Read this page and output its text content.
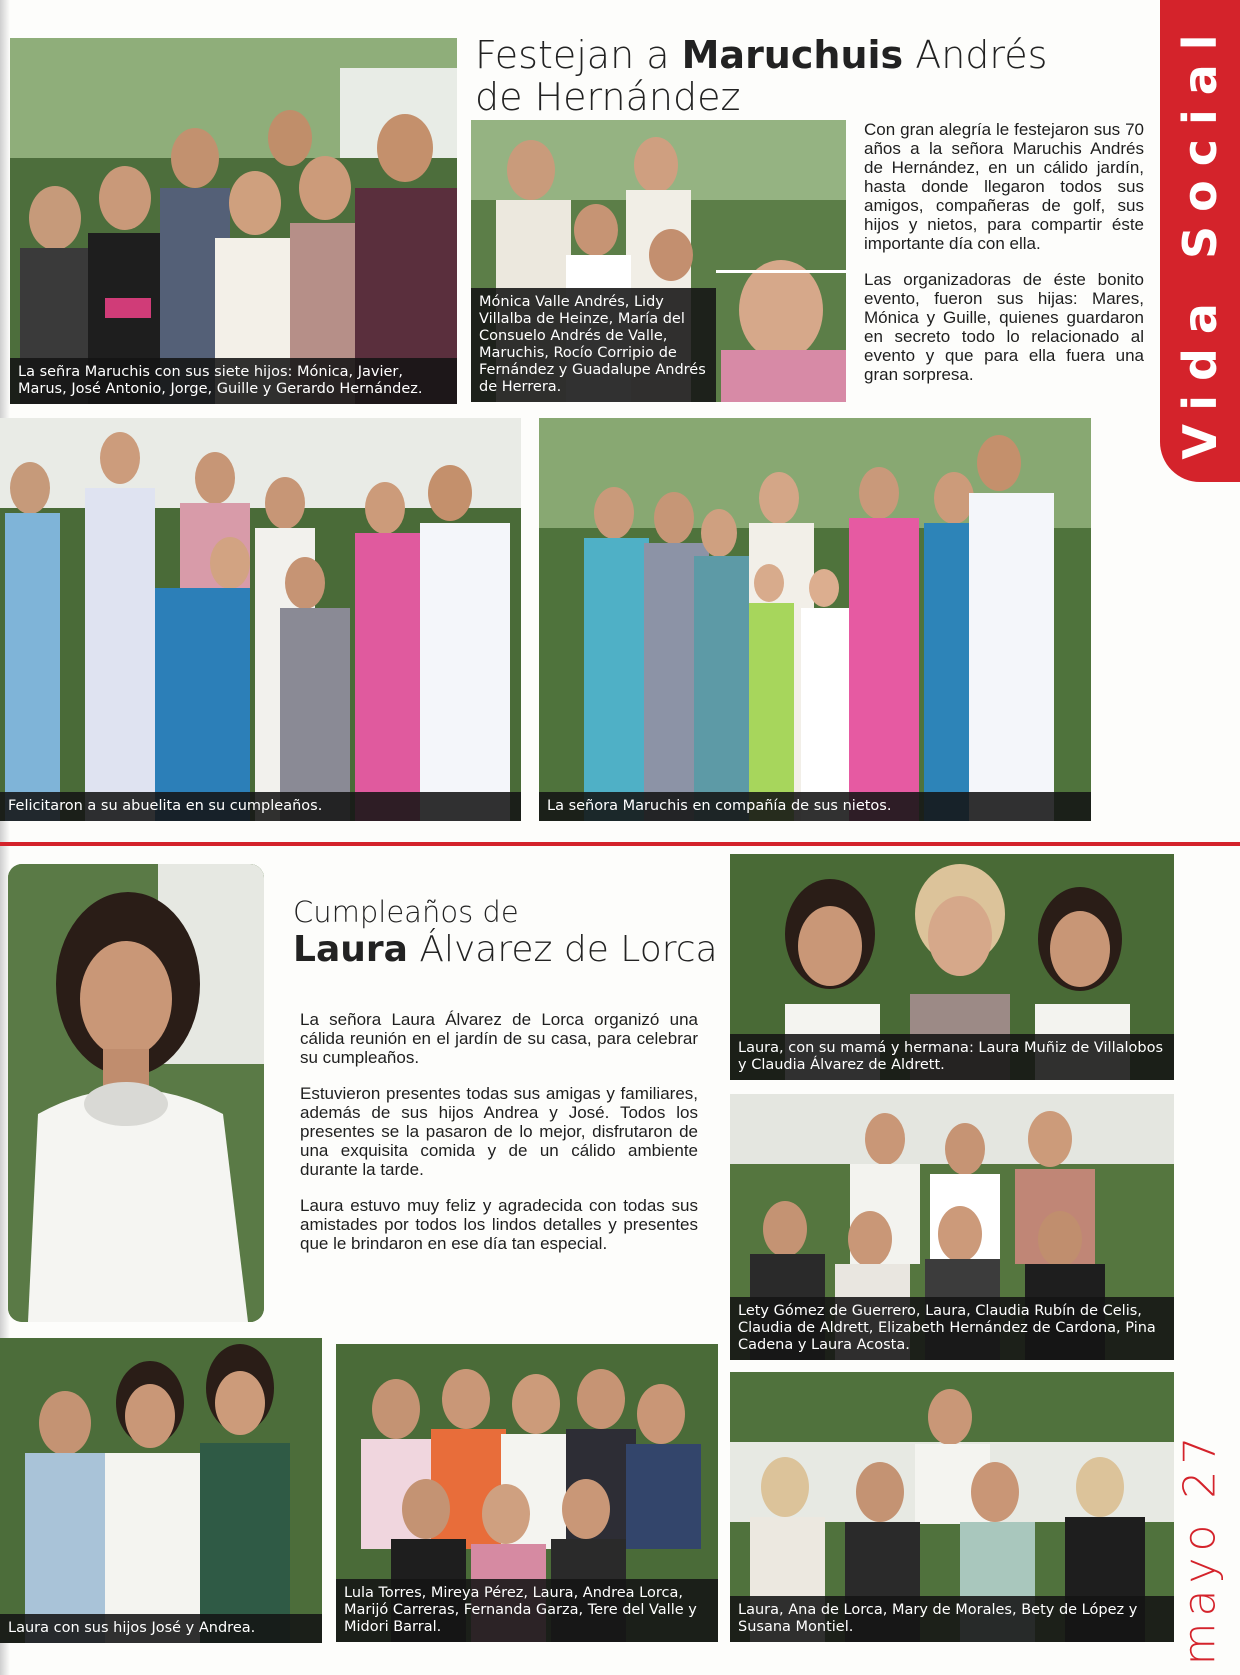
Vida Social
Festejan a Maruchuis Andrés
de Hernández
La señra Maruchis con sus siete hijos: Mónica, Javier, Marus, José Antonio, Jorge, Guille y Gerardo Hernández.
Mónica Valle Andrés, Lidy Villalba de Heinze, María del Consuelo Andrés de Valle, Maruchis, Rocío Corripio de Fernández y Guadalupe Andrés de Herrera.

Con gran alegría le festejaron sus 70 años a la señora Maruchis Andrés de Hernández, en un cálido jardín, hasta donde llegaron todos sus amigos, compañeras de golf, sus hijos y nietos, para compartir éste importante día con ella.

Las organizadoras de éste bonito evento, fueron sus hijas: Mares, Mónica y Guille, quienes guardaron en secreto todo lo relacionado al evento y que para ella fuera una gran sorpresa.

Felicitaron a su abuelita en su cumpleaños.	La señora Maruchis en compañía de sus nietos.
Cumpleaños de
Laura Álvarez de Lorca

La señora Laura Álvarez de Lorca organizó una cálida reunión en el jardín de su casa, para celebrar su cumpleaños.

Estuvieron presentes todas sus amigas y familiares, además de sus hijos Andrea y José. Todos los presentes se la pasaron de lo mejor, disfrutaron de una exquisita comida y de un cálido ambiente durante la tarde.

Laura estuvo muy feliz y agradecida con todas sus amistades por todos los lindos detalles y presentes que le brindaron en ese día tan especial.

Laura, con su mamá y hermana: Laura Muñiz de Villalobos y Claudia Álvarez de Aldrett.
Lety Gómez de Guerrero, Laura, Claudia Rubín de Celis, Claudia de Aldrett, Elizabeth Hernández de Cardona, Pina Cadena y Laura Acosta.
Laura con sus hijos José y Andrea.
Lula Torres, Mireya Pérez, Laura, Andrea Lorca, Marijó Carreras, Fernanda Garza, Tere del Valle y Midori Barral.
Laura, Ana de Lorca, Mary de Morales, Bety de López y Susana Montiel.	mayo 27
